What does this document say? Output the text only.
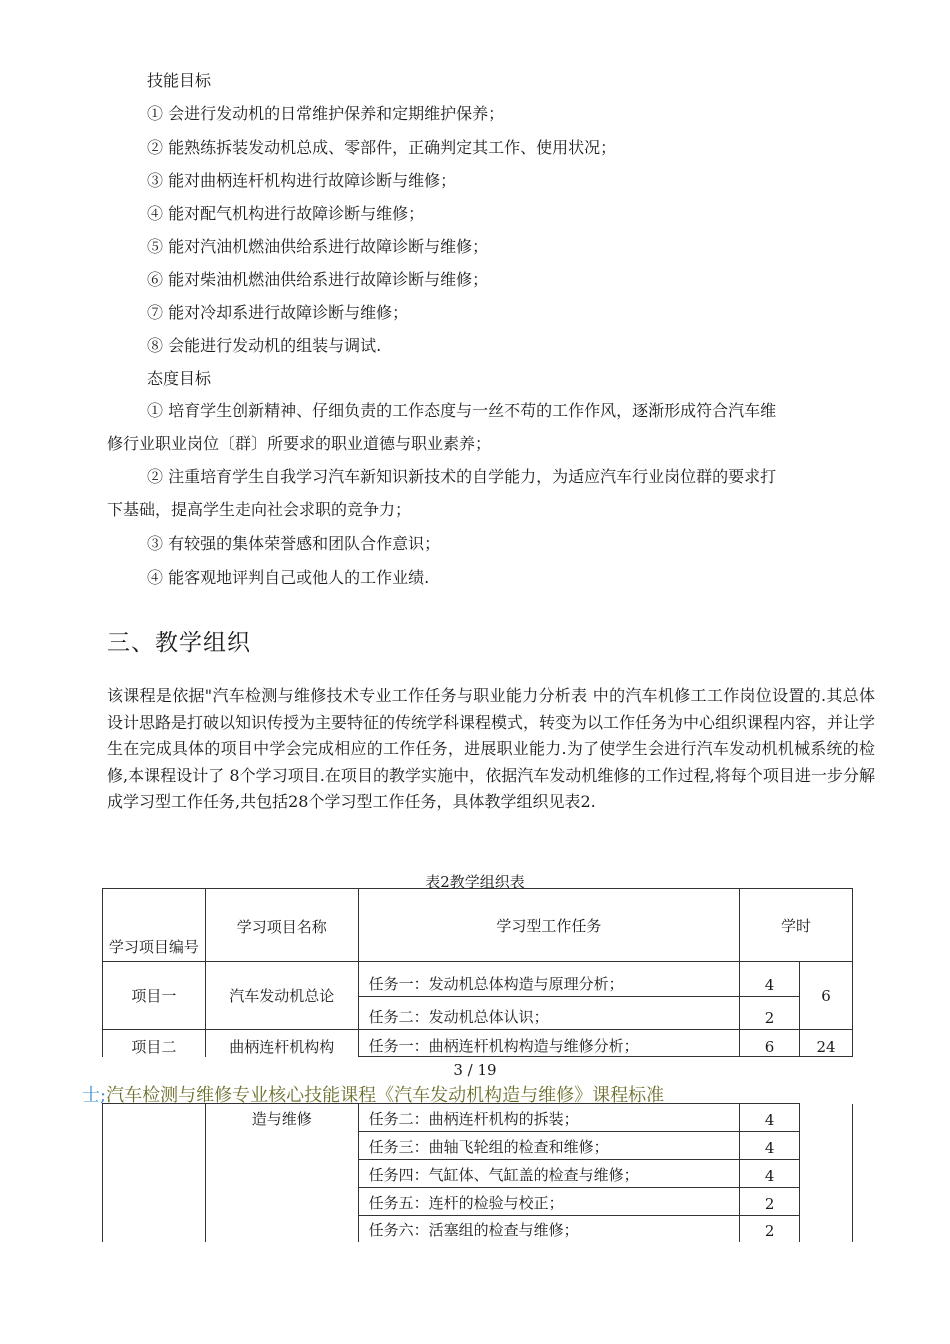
技能目标
① 会进行发动机的日常维护保养和定期维护保养；
② 能熟练拆装发动机总成、零部件，正确判定其工作、使用状况；
③ 能对曲柄连杆机构进行故障诊断与维修；
④ 能对配气机构进行故障诊断与维修；
⑤ 能对汽油机燃油供给系进行故障诊断与维修；
⑥ 能对柴油机燃油供给系进行故障诊断与维修；
⑦ 能对冷却系进行故障诊断与维修；
⑧ 会能进行发动机的组装与调试.
态度目标
① 培育学生创新精神、仔细负责的工作态度与一丝不苟的工作作风，逐渐形成符合汽车维
修行业职业岗位〔群〕所要求的职业道德与职业素养；
② 注重培育学生自我学习汽车新知识新技术的自学能力，为适应汽车行业岗位群的要求打
下基础，提高学生走向社会求职的竞争力；
③ 有较强的集体荣誉感和团队合作意识；
④ 能客观地评判自己或他人的工作业绩.
三、教学组织
该课程是依据"汽车检测与维修技术专业工作任务与职业能力分析表 中的汽车机修工工作岗位设置的.其总体设计思路是打破以知识传授为主要特征的传统学科课程模式，转变为以工作任务为中心组织课程内容，并让学生在完成具体的项目中学会完成相应的工作任务，进展职业能力.为了使学生会进行汽车发动机机械系统的检修,本课程设计了 8个学习项目.在项目的教学实施中，依据汽车发动机维修的工作过程,将每个项目进一步分解成学习型工作任务,共包括28个学习型工作任务，具体教学组织见表2.
表2教学组织表
学习项目编号	学习项目名称	学习型工作任务	学时	
项目一	汽车发动机总论	任务一：发动机总体构造与原理分析；	4	6
		任务二：发动机总体认识；	2	
项目二	曲柄连杆机构构	任务一：曲柄连杆机构构造与维修分析；	6	24
3 / 19
士;汽车检测与维修专业核心技能课程《汽车发动机构造与维修》课程标准
	造与维修	任务二：曲柄连杆机构的拆装；	4	
		任务三：曲轴飞轮组的检查和维修；	4	
		任务四：气缸体、气缸盖的检查与维修；	4	
		任务五：连杆的检验与校正；	2	
		任务六：活塞组的检查与维修；	2	
